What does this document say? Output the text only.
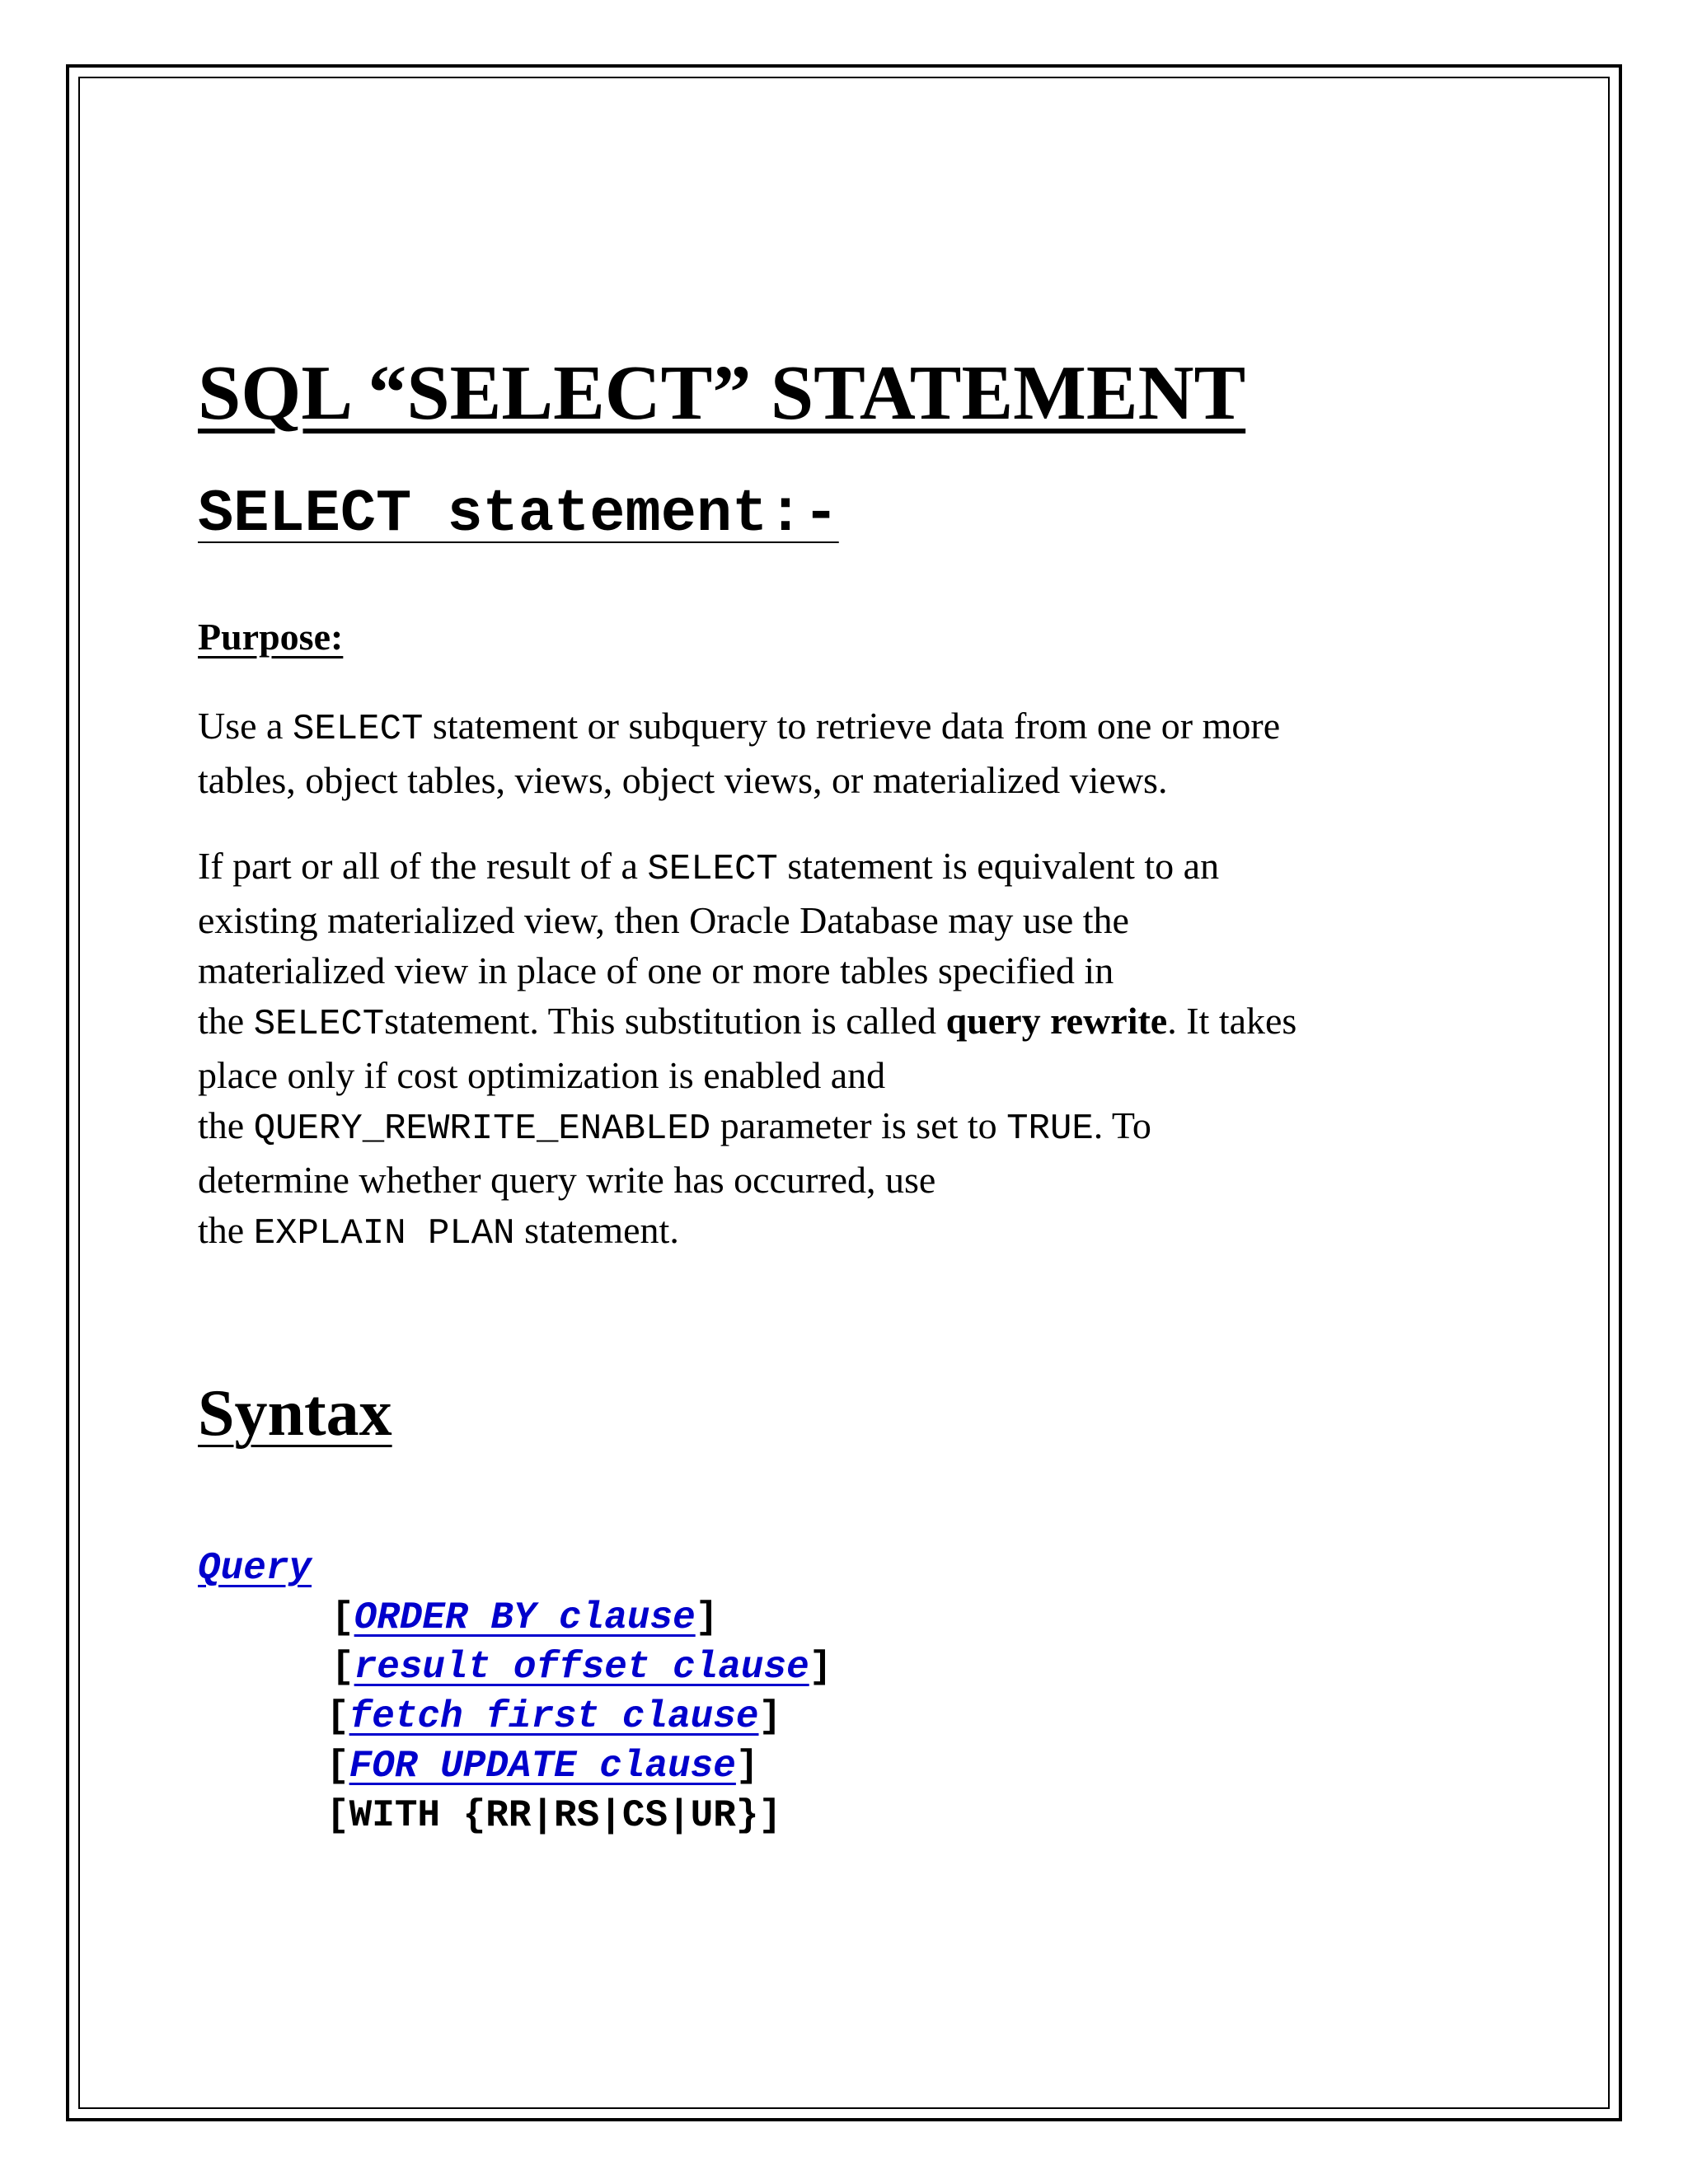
SQL “SELECT” STATEMENT
SELECT statement:-
Purpose:

Use a SELECT statement or subquery to retrieve data from one or more
tables, object tables, views, object views, or materialized views.

If part or all of the result of a SELECT statement is equivalent to an
existing materialized view, then Oracle Database may use the
materialized view in place of one or more tables specified in
the SELECTstatement. This substitution is called query rewrite. It takes
place only if cost optimization is enabled and
the QUERY_REWRITE_ENABLED parameter is set to TRUE. To
determine whether query write has occurred, use
the EXPLAIN PLAN statement.

Syntax
Query
[ORDER BY clause]
[result offset clause]
[fetch first clause]
[FOR UPDATE clause]
[WITH {RR|RS|CS|UR}]
